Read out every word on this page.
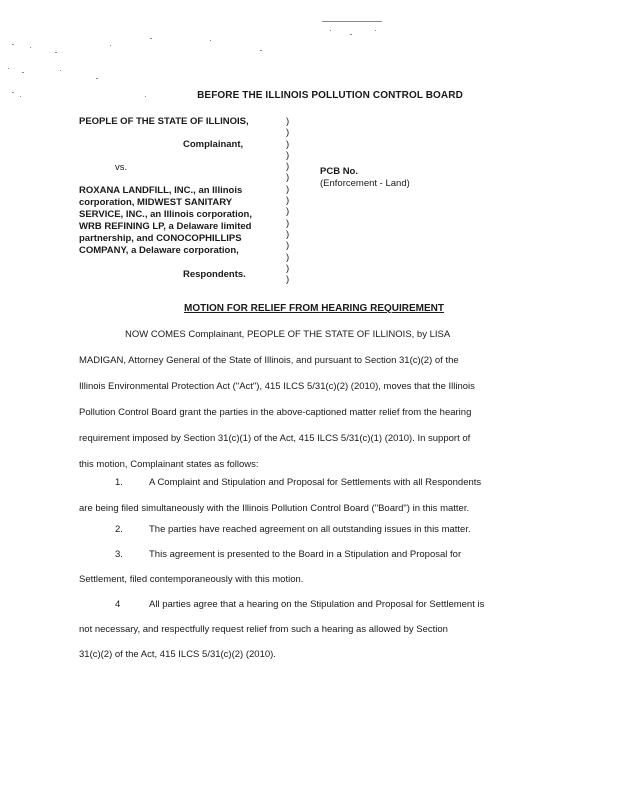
BEFORE THE ILLINOIS POLLUTION CONTROL BOARD
PEOPLE OF THE STATE OF ILLINOIS,
Complainant,
vs.
ROXANA LANDFILL, INC., an Illinois
corporation, MIDWEST SANITARY
SERVICE, INC., an Illinois corporation,
WRB REFINING LP, a Delaware limited
partnership, and CONOCOPHILLIPS
COMPANY, a Delaware corporation,
Respondents.
)
)
)
)
)
)
)
)
)
)
)
)
)
)
)
PCB No.
(Enforcement - Land)
MOTION FOR RELIEF FROM HEARING REQUIREMENT
NOW COMES Complainant, PEOPLE OF THE STATE OF ILLINOIS, by LISA
MADIGAN, Attorney General of the State of Illinois, and pursuant to Section 31(c)(2) of the
Illinois Environmental Protection Act ("Act"), 415 ILCS 5/31(c)(2) (2010), moves that the Illinois
Pollution Control Board grant the parties in the above-captioned matter relief from the hearing
requirement imposed by Section 31(c)(1) of the Act, 415 ILCS 5/31(c)(1) (2010). In support of
this motion, Complainant states as follows:
1.	A Complaint and Stipulation and Proposal for Settlements with all Respondents
are being filed simultaneously with the Illinois Pollution Control Board ("Board") in this matter.
2.	The parties have reached agreement on all outstanding issues in this matter.
3.	This agreement is presented to the Board in a Stipulation and Proposal for
Settlement, filed contemporaneously with this motion.
4	All parties agree that a hearing on the Stipulation and Proposal for Settlement is
not necessary, and respectfully request relief from such a hearing as allowed by Section
31(c)(2) of the Act, 415 ILCS 5/31(c)(2) (2010).
